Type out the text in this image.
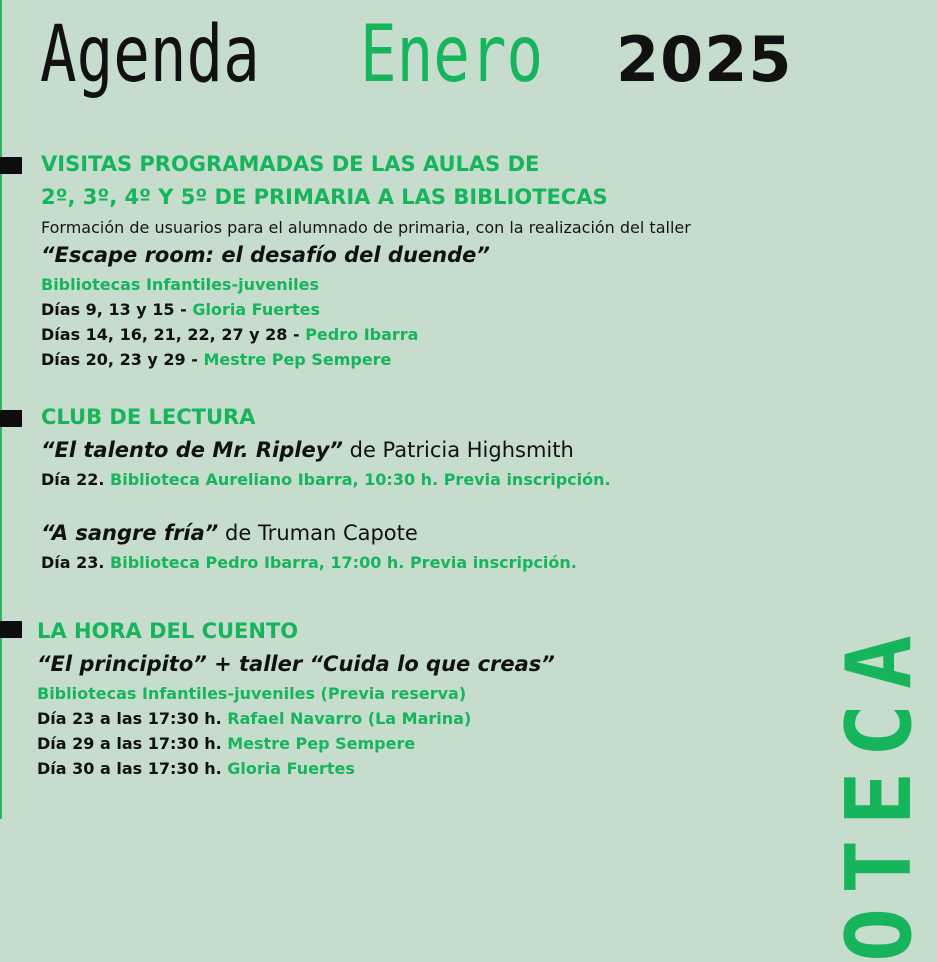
Agenda Enero 2025
VISITAS PROGRAMADAS DE LAS AULAS DE
2º, 3º, 4º Y 5º DE PRIMARIA A LAS BIBLIOTECAS
Formación de usuarios para el alumnado de primaria, con la realización del taller
“Escape room: el desafío del duende”
Bibliotecas Infantiles-juveniles
Días 9, 13 y 15 - Gloria Fuertes
Días 14, 16, 21, 22, 27 y 28 - Pedro Ibarra
Días 20, 23 y 29 - Mestre Pep Sempere
CLUB DE LECTURA
“El talento de Mr. Ripley” de Patricia Highsmith
Día 22. Biblioteca Aureliano Ibarra, 10:30 h. Previa inscripción.
“A sangre fría” de Truman Capote
Día 23. Biblioteca Pedro Ibarra, 17:00 h. Previa inscripción.
LA HORA DEL CUENTO
“El principito” + taller “Cuida lo que creas”
Bibliotecas Infantiles-juveniles (Previa reserva)
Día 23 a las 17:30 h. Rafael Navarro (La Marina)
Día 29 a las 17:30 h. Mestre Pep Sempere
Día 30 a las 17:30 h. Gloria Fuertes	OTECA
